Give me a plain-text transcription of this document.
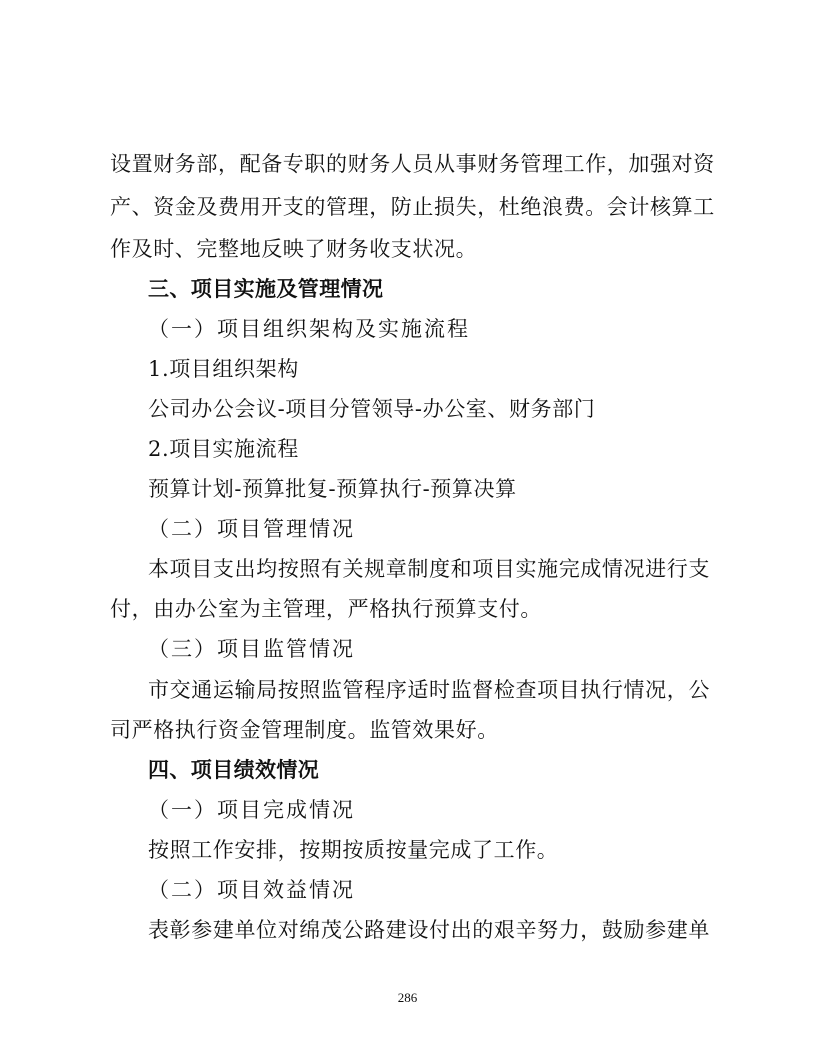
设置财务部，配备专职的财务人员从事财务管理工作，加强对资
产、资金及费用开支的管理，防止损失，杜绝浪费。会计核算工
作及时、完整地反映了财务收支状况。
三、项目实施及管理情况
（一）项目组织架构及实施流程
1.项目组织架构
公司办公会议-项目分管领导-办公室、财务部门
2.项目实施流程
预算计划-预算批复-预算执行-预算决算
（二）项目管理情况
本项目支出均按照有关规章制度和项目实施完成情况进行支
付，由办公室为主管理，严格执行预算支付。
（三）项目监管情况
市交通运输局按照监管程序适时监督检查项目执行情况，公
司严格执行资金管理制度。监管效果好。
四、项目绩效情况
（一）项目完成情况
按照工作安排，按期按质按量完成了工作。
（二）项目效益情况
表彰参建单位对绵茂公路建设付出的艰辛努力，鼓励参建单
286
